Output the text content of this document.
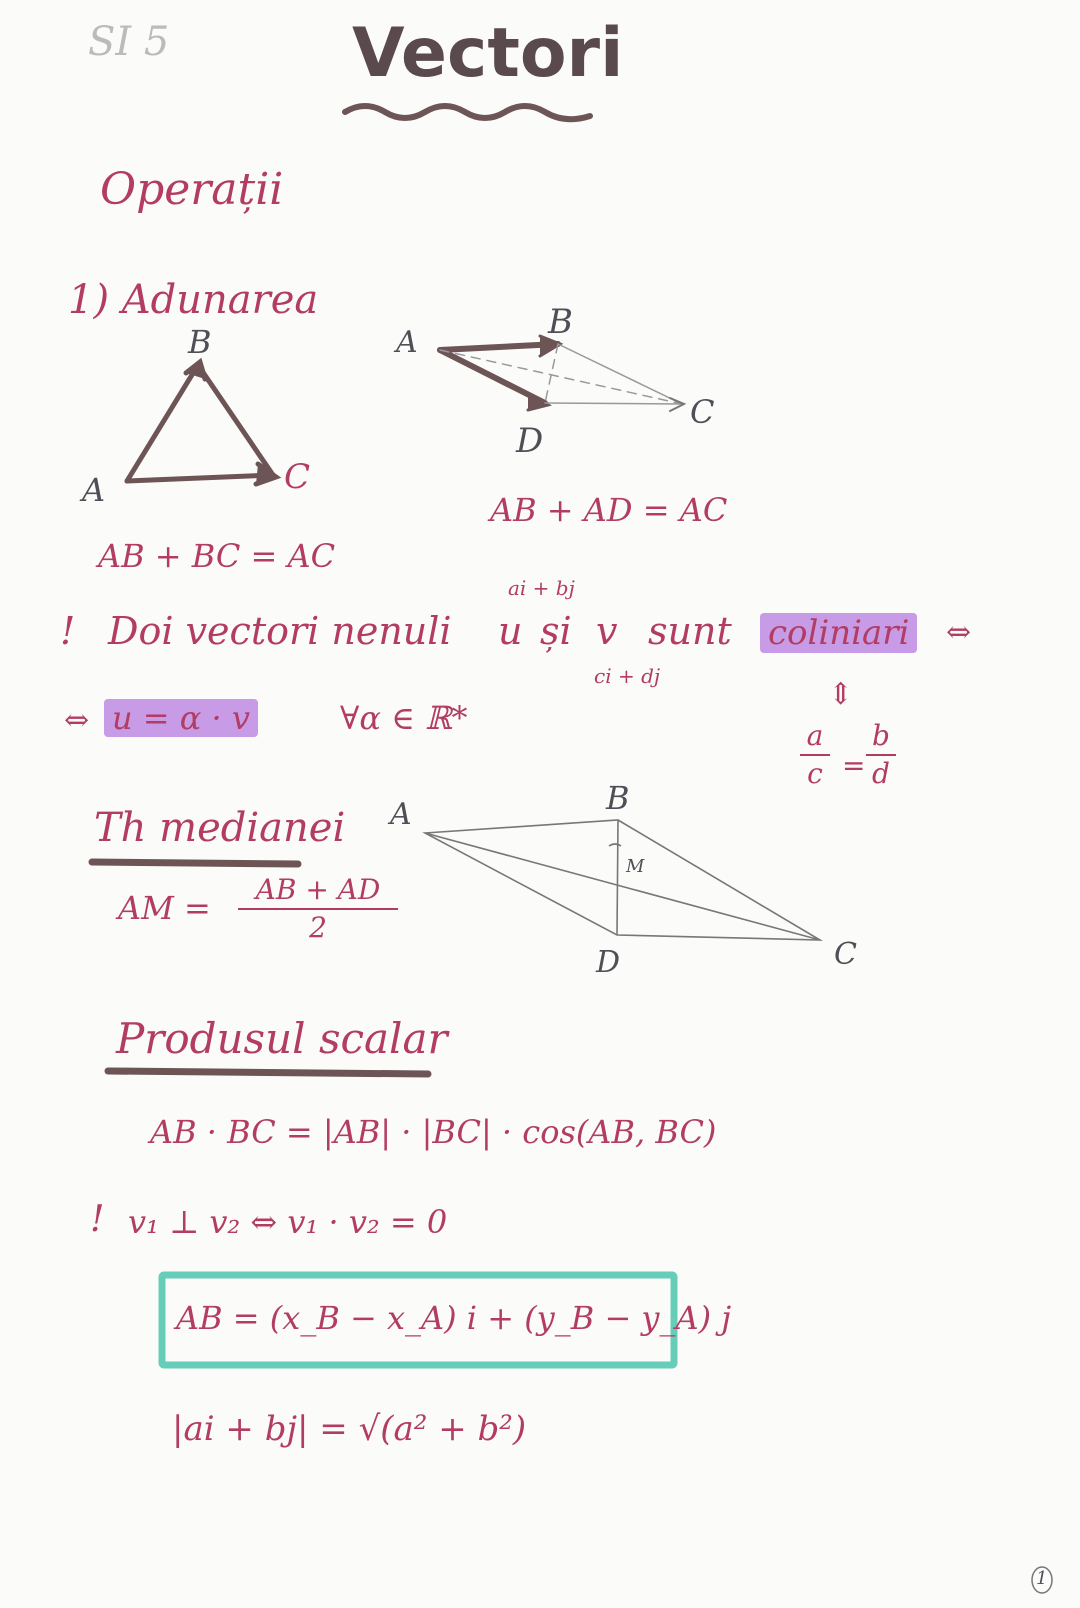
SI 5	Vectori
Operații
1) Adunarea
B
A	C
AB + BC = AC
A
B
C
D
AB + AD = AC
ai + bj
! Doi vectori nenuli u și v sunt coliniari ⇔
ci + dj
⇔ u = α · v	∀α ∈ ℝ*
⇕
a
c =
b
d
Th medianei A	B
C
D
M
AM =	AB + AD
2
Produsul scalar
AB · BC = |AB| · |BC| · cos(AB, BC)
! v₁ ⊥ v₂ ⇔ v₁ · v₂ = 0
AB = (x_B − x_A) i + (y_B − y_A) j
|ai + bj| = √(a² + b²)
1
